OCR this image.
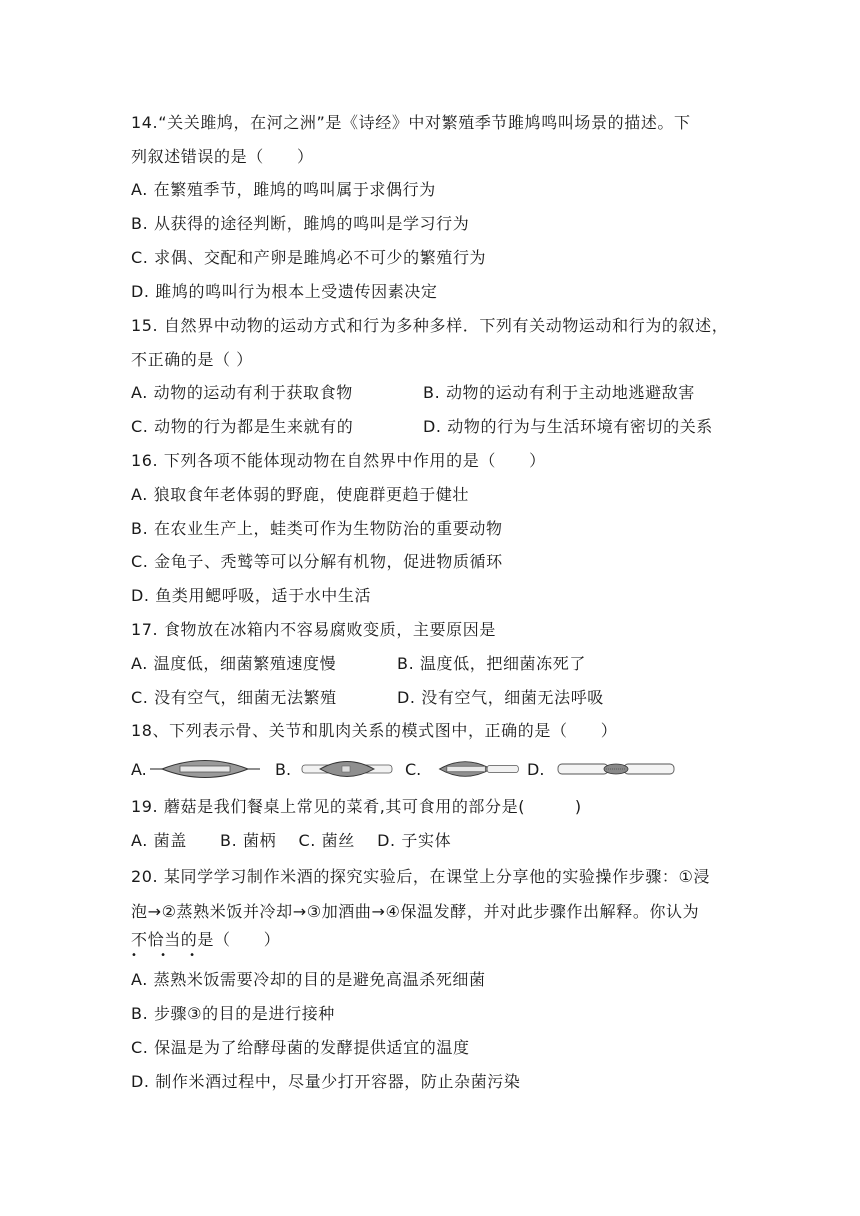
14.“关关雎鸠，在河之洲”是《诗经》中对繁殖季节雎鸠鸣叫场景的描述。下
列叙述错误的是（　　）
A. 在繁殖季节，雎鸠的鸣叫属于求偶行为
B. 从获得的途径判断，雎鸠的鸣叫是学习行为
C. 求偶、交配和产卵是雎鸠必不可少的繁殖行为
D. 雎鸠的鸣叫行为根本上受遗传因素决定
15. 自然界中动物的运动方式和行为多种多样．下列有关动物运动和行为的叙述，
不正确的是（ ）
A. 动物的运动有利于获取食物	B. 动物的运动有利于主动地逃避敌害
C. 动物的行为都是生来就有的	D. 动物的行为与生活环境有密切的关系
16. 下列各项不能体现动物在自然界中作用的是（　　）
A. 狼取食年老体弱的野鹿，使鹿群更趋于健壮
B. 在农业生产上，蛙类可作为生物防治的重要动物
C. 金龟子、秃鹫等可以分解有机物，促进物质循环
D. 鱼类用鳃呼吸，适于水中生活
17. 食物放在冰箱内不容易腐败变质，主要原因是
A. 温度低，细菌繁殖速度慢	B. 温度低，把细菌冻死了
C. 没有空气，细菌无法繁殖	D. 没有空气，细菌无法呼吸
18、下列表示骨、关节和肌肉关系的模式图中，正确的是（　　）
A.	B.	C.	D.
19. 蘑菇是我们餐桌上常见的菜肴,其可食用的部分是(　　　)
A. 菌盖　　B. 菌柄　 C. 菌丝　 D. 子实体
20. 某同学学习制作米酒的探究实验后，在课堂上分享他的实验操作步骤：①浸
泡→②蒸熟米饭并冷却→③加酒曲→④保温发酵，并对此步骤作出解释。你认为
不恰当的是（　　）
• • •
A. 蒸熟米饭需要冷却的目的是避免高温杀死细菌
B. 步骤③的目的是进行接种
C. 保温是为了给酵母菌的发酵提供适宜的温度
D. 制作米酒过程中，尽量少打开容器，防止杂菌污染
